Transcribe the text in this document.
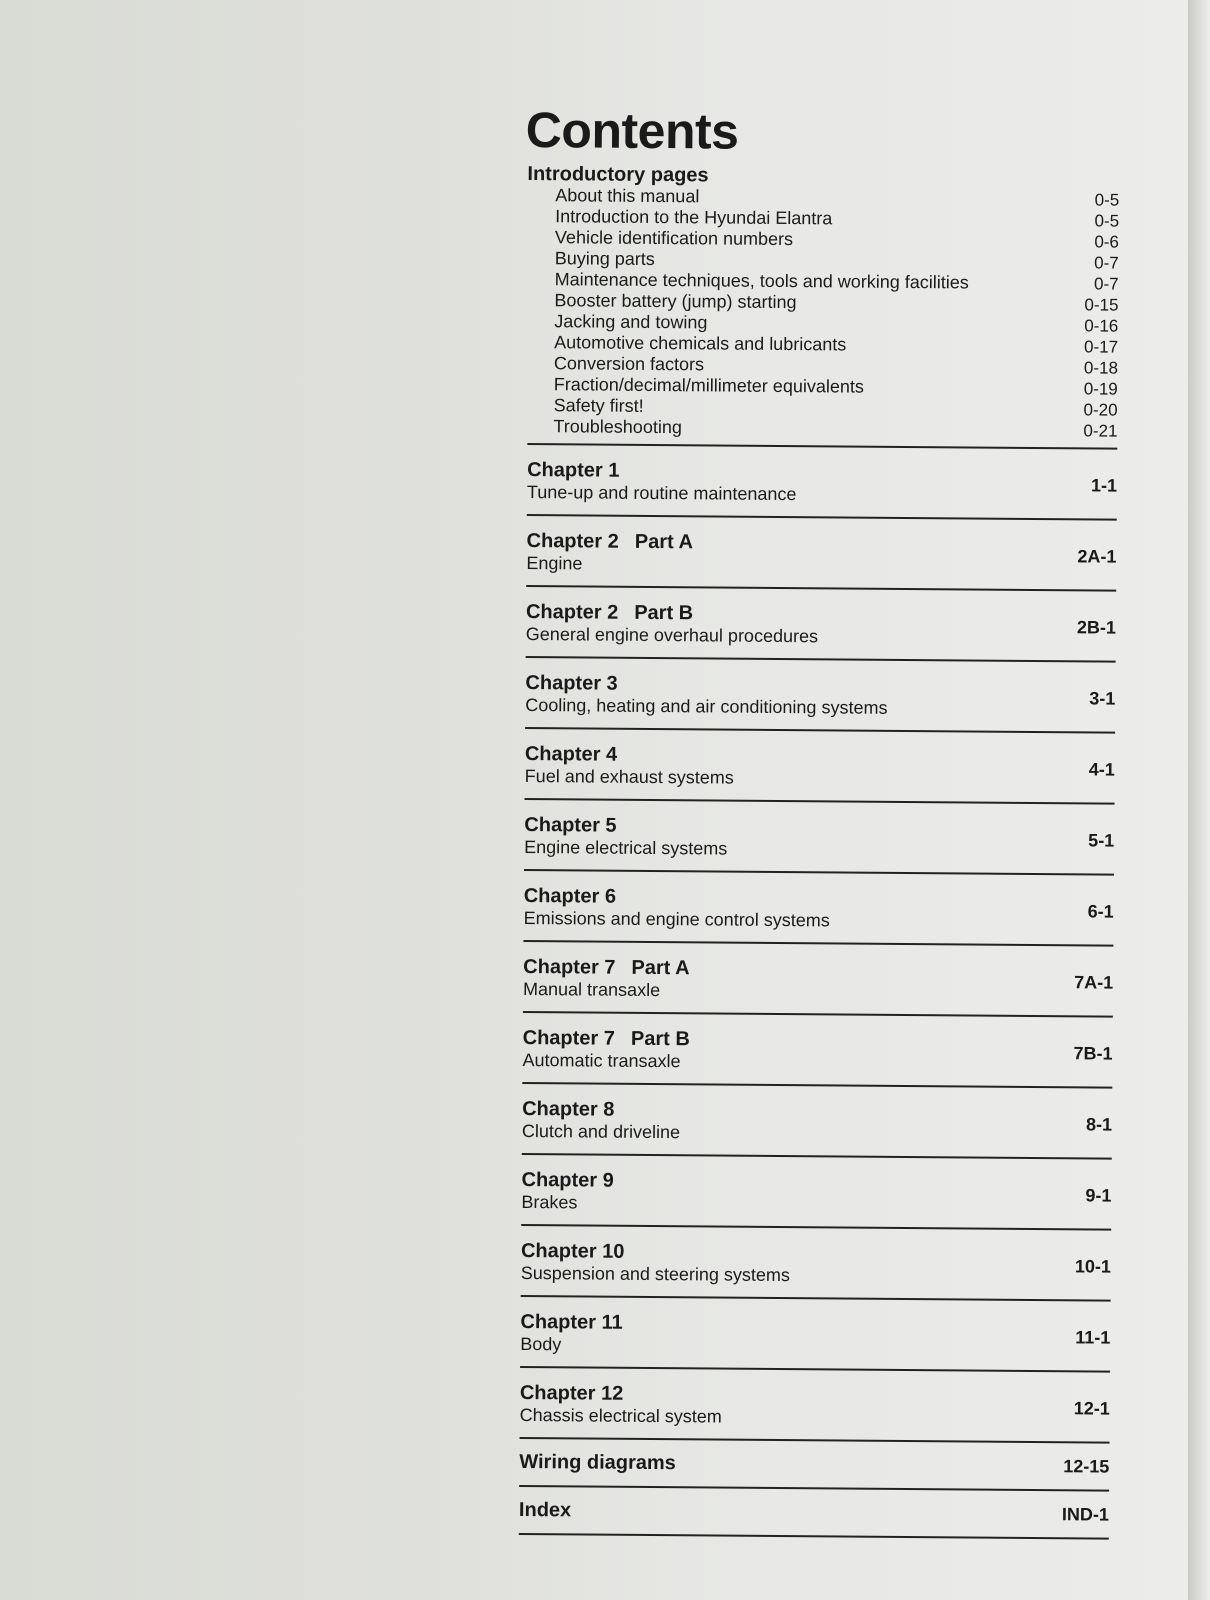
Contents
Introductory pages
About this manual	0-5
Introduction to the Hyundai Elantra	0-5
Vehicle identification numbers	0-6
Buying parts	0-7
Maintenance techniques, tools and working facilities	0-7
Booster battery (jump) starting	0-15
Jacking and towing	0-16
Automotive chemicals and lubricants	0-17
Conversion factors	0-18
Fraction/decimal/millimeter equivalents	0-19
Safety first!	0-20
Troubleshooting	0-21
Chapter 1
Tune-up and routine maintenance	1-1
Chapter 2 Part A
Engine	2A-1
Chapter 2 Part B
General engine overhaul procedures	2B-1
Chapter 3
Cooling, heating and air conditioning systems	3-1
Chapter 4
Fuel and exhaust systems	4-1
Chapter 5
Engine electrical systems	5-1
Chapter 6
Emissions and engine control systems	6-1
Chapter 7 Part A
Manual transaxle	7A-1
Chapter 7 Part B
Automatic transaxle	7B-1
Chapter 8
Clutch and driveline	8-1
Chapter 9
Brakes	9-1
Chapter 10
Suspension and steering systems	10-1
Chapter 11
Body	11-1
Chapter 12
Chassis electrical system	12-1
Wiring diagrams	12-15
Index	IND-1
